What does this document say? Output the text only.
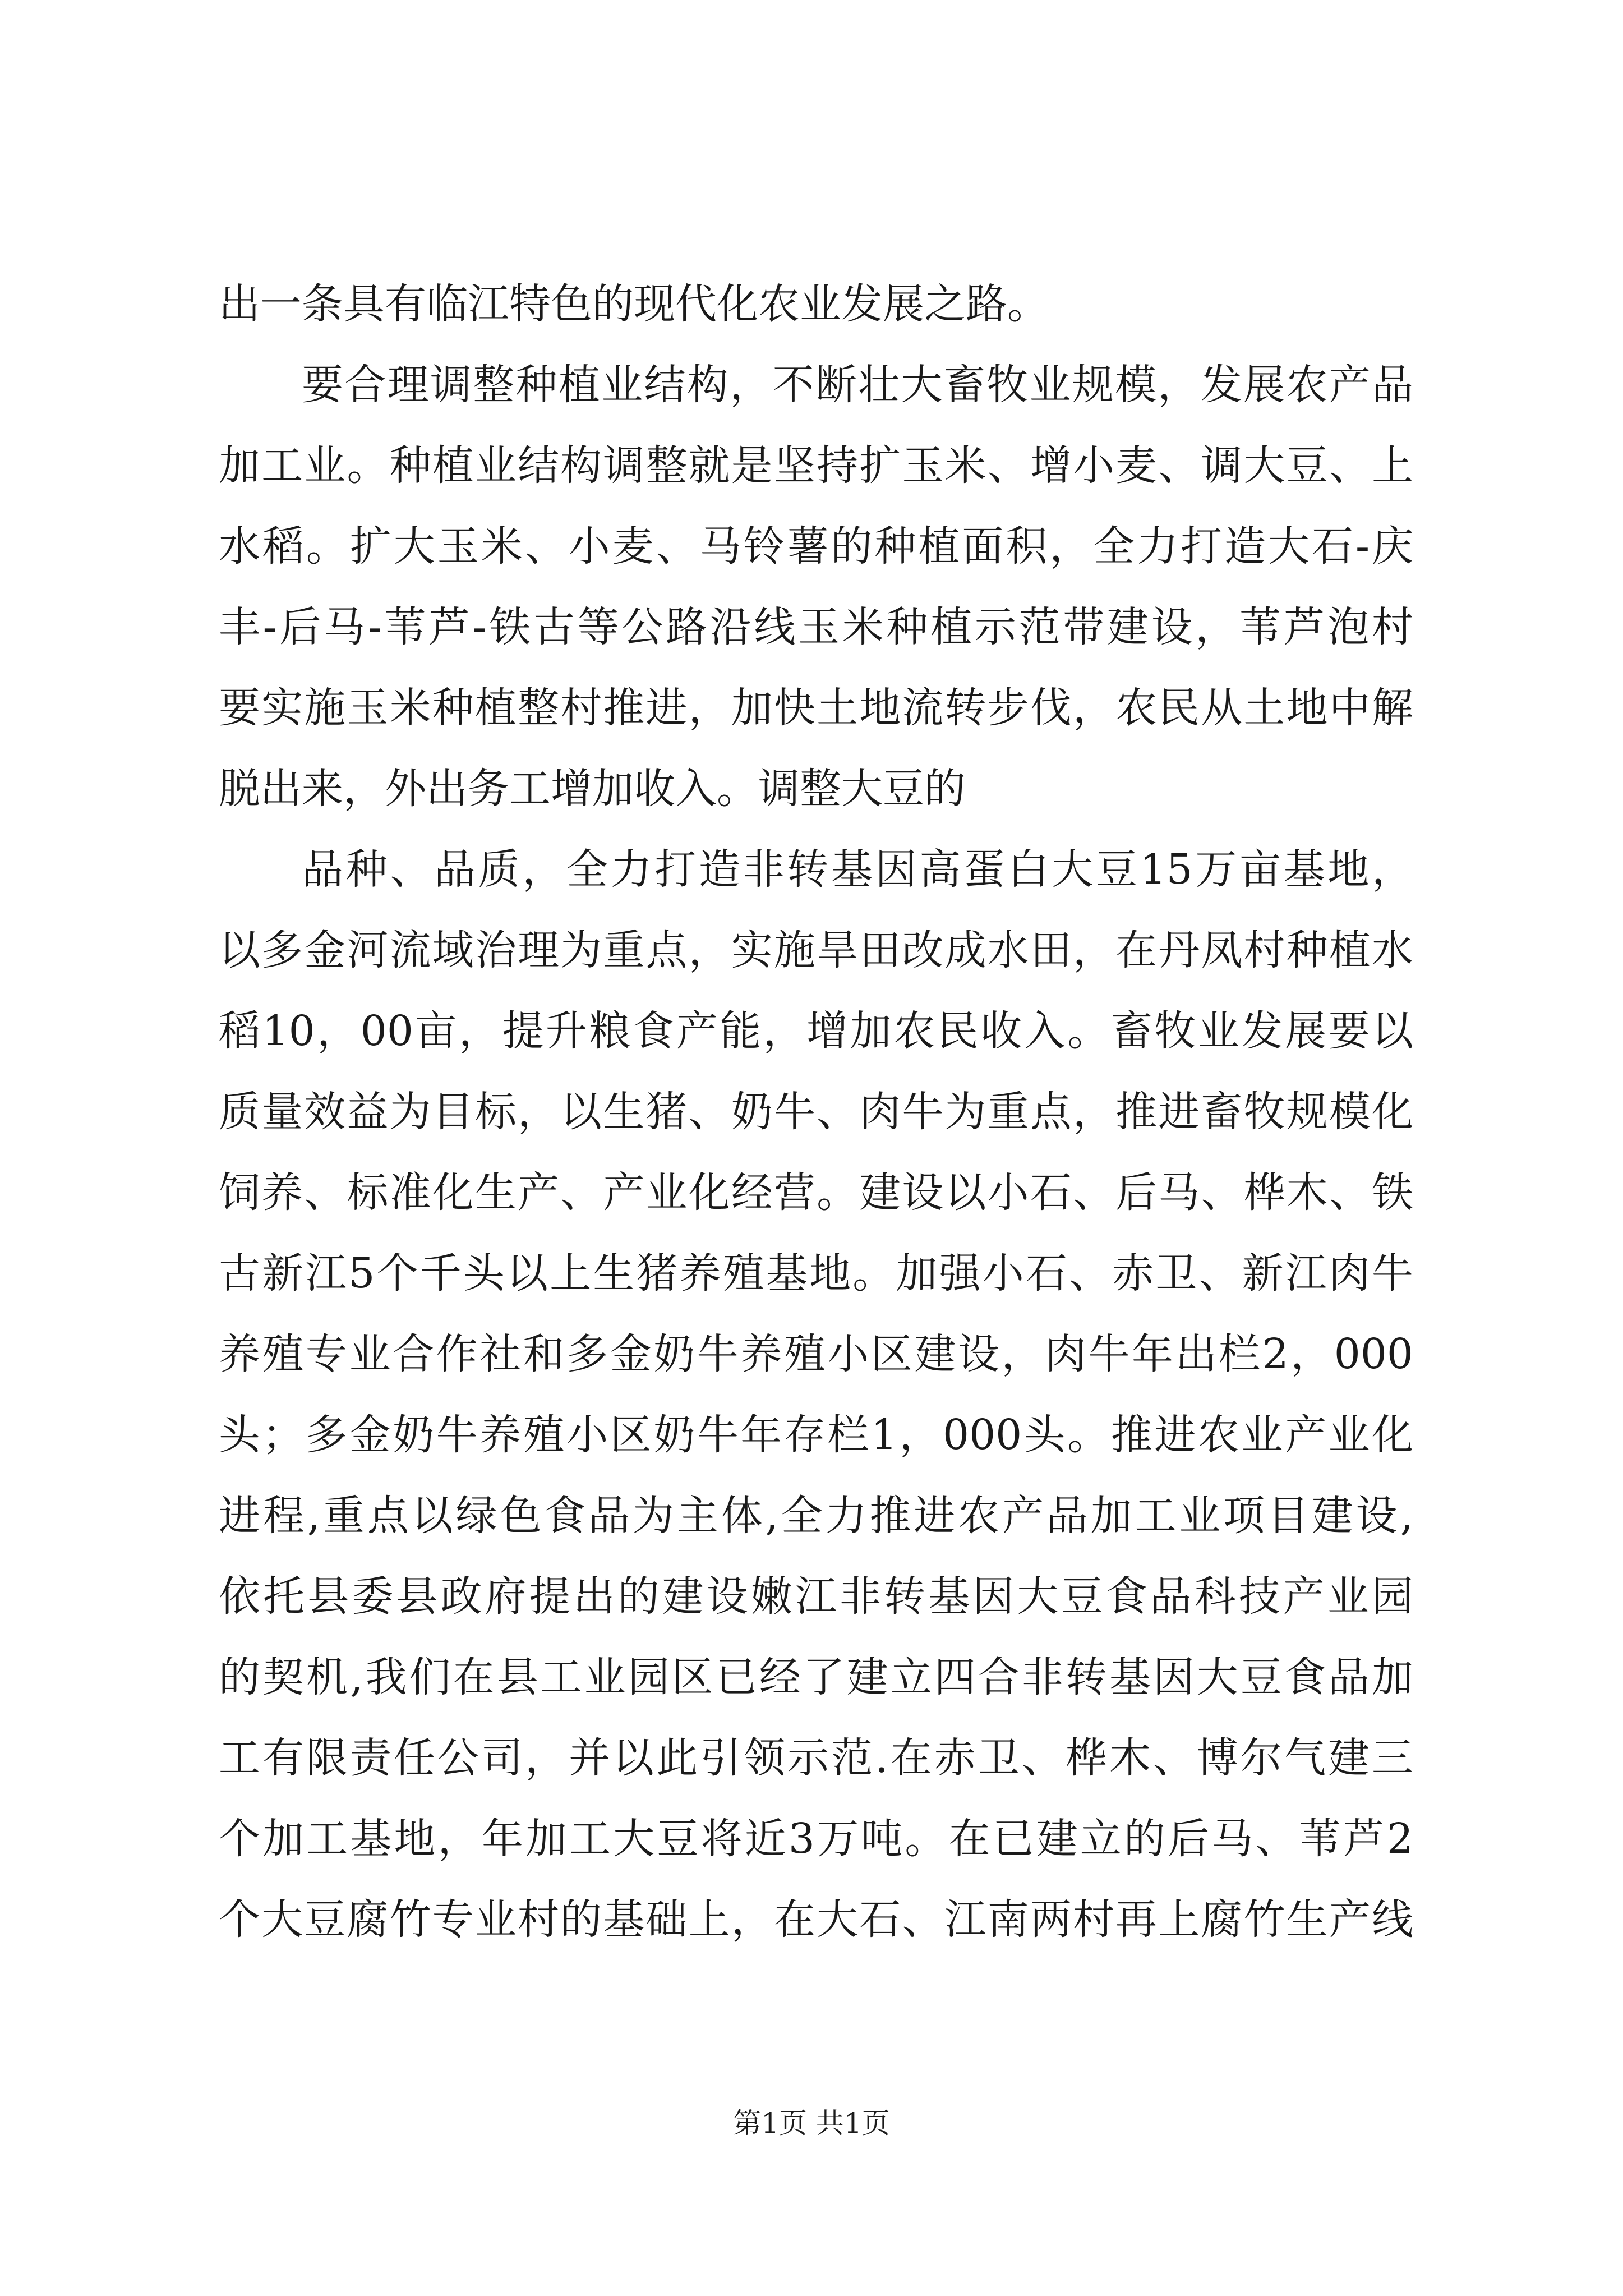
出一条具有临江特色的现代化农业发展之路。
要合理调整种植业结构，不断壮大畜牧业规模，发展农产品
加工业。种植业结构调整就是坚持扩玉米、增小麦、调大豆、上
水稻。扩大玉米、小麦、马铃薯的种植面积，全力打造大石-庆
丰-后马-苇芦-铁古等公路沿线玉米种植示范带建设，苇芦泡村
要实施玉米种植整村推进，加快土地流转步伐，农民从土地中解
脱出来，外出务工增加收入。调整大豆的
品种、品质，全力打造非转基因高蛋白大豆15万亩基地，
以多金河流域治理为重点，实施旱田改成水田，在丹凤村种植水
稻10，00亩，提升粮食产能，增加农民收入。畜牧业发展要以
质量效益为目标，以生猪、奶牛、肉牛为重点，推进畜牧规模化
饲养、标准化生产、产业化经营。建设以小石、后马、桦木、铁
古新江5个千头以上生猪养殖基地。加强小石、赤卫、新江肉牛
养殖专业合作社和多金奶牛养殖小区建设，肉牛年出栏2，000
头；多金奶牛养殖小区奶牛年存栏1，000头。推进农业产业化
进程,重点以绿色食品为主体,全力推进农产品加工业项目建设,
依托县委县政府提出的建设嫩江非转基因大豆食品科技产业园
的契机,我们在县工业园区已经了建立四合非转基因大豆食品加
工有限责任公司，并以此引领示范.在赤卫、桦木、博尔气建三
个加工基地，年加工大豆将近3万吨。在已建立的后马、苇芦2
个大豆腐竹专业村的基础上，在大石、江南两村再上腐竹生产线
第1页 共1页
